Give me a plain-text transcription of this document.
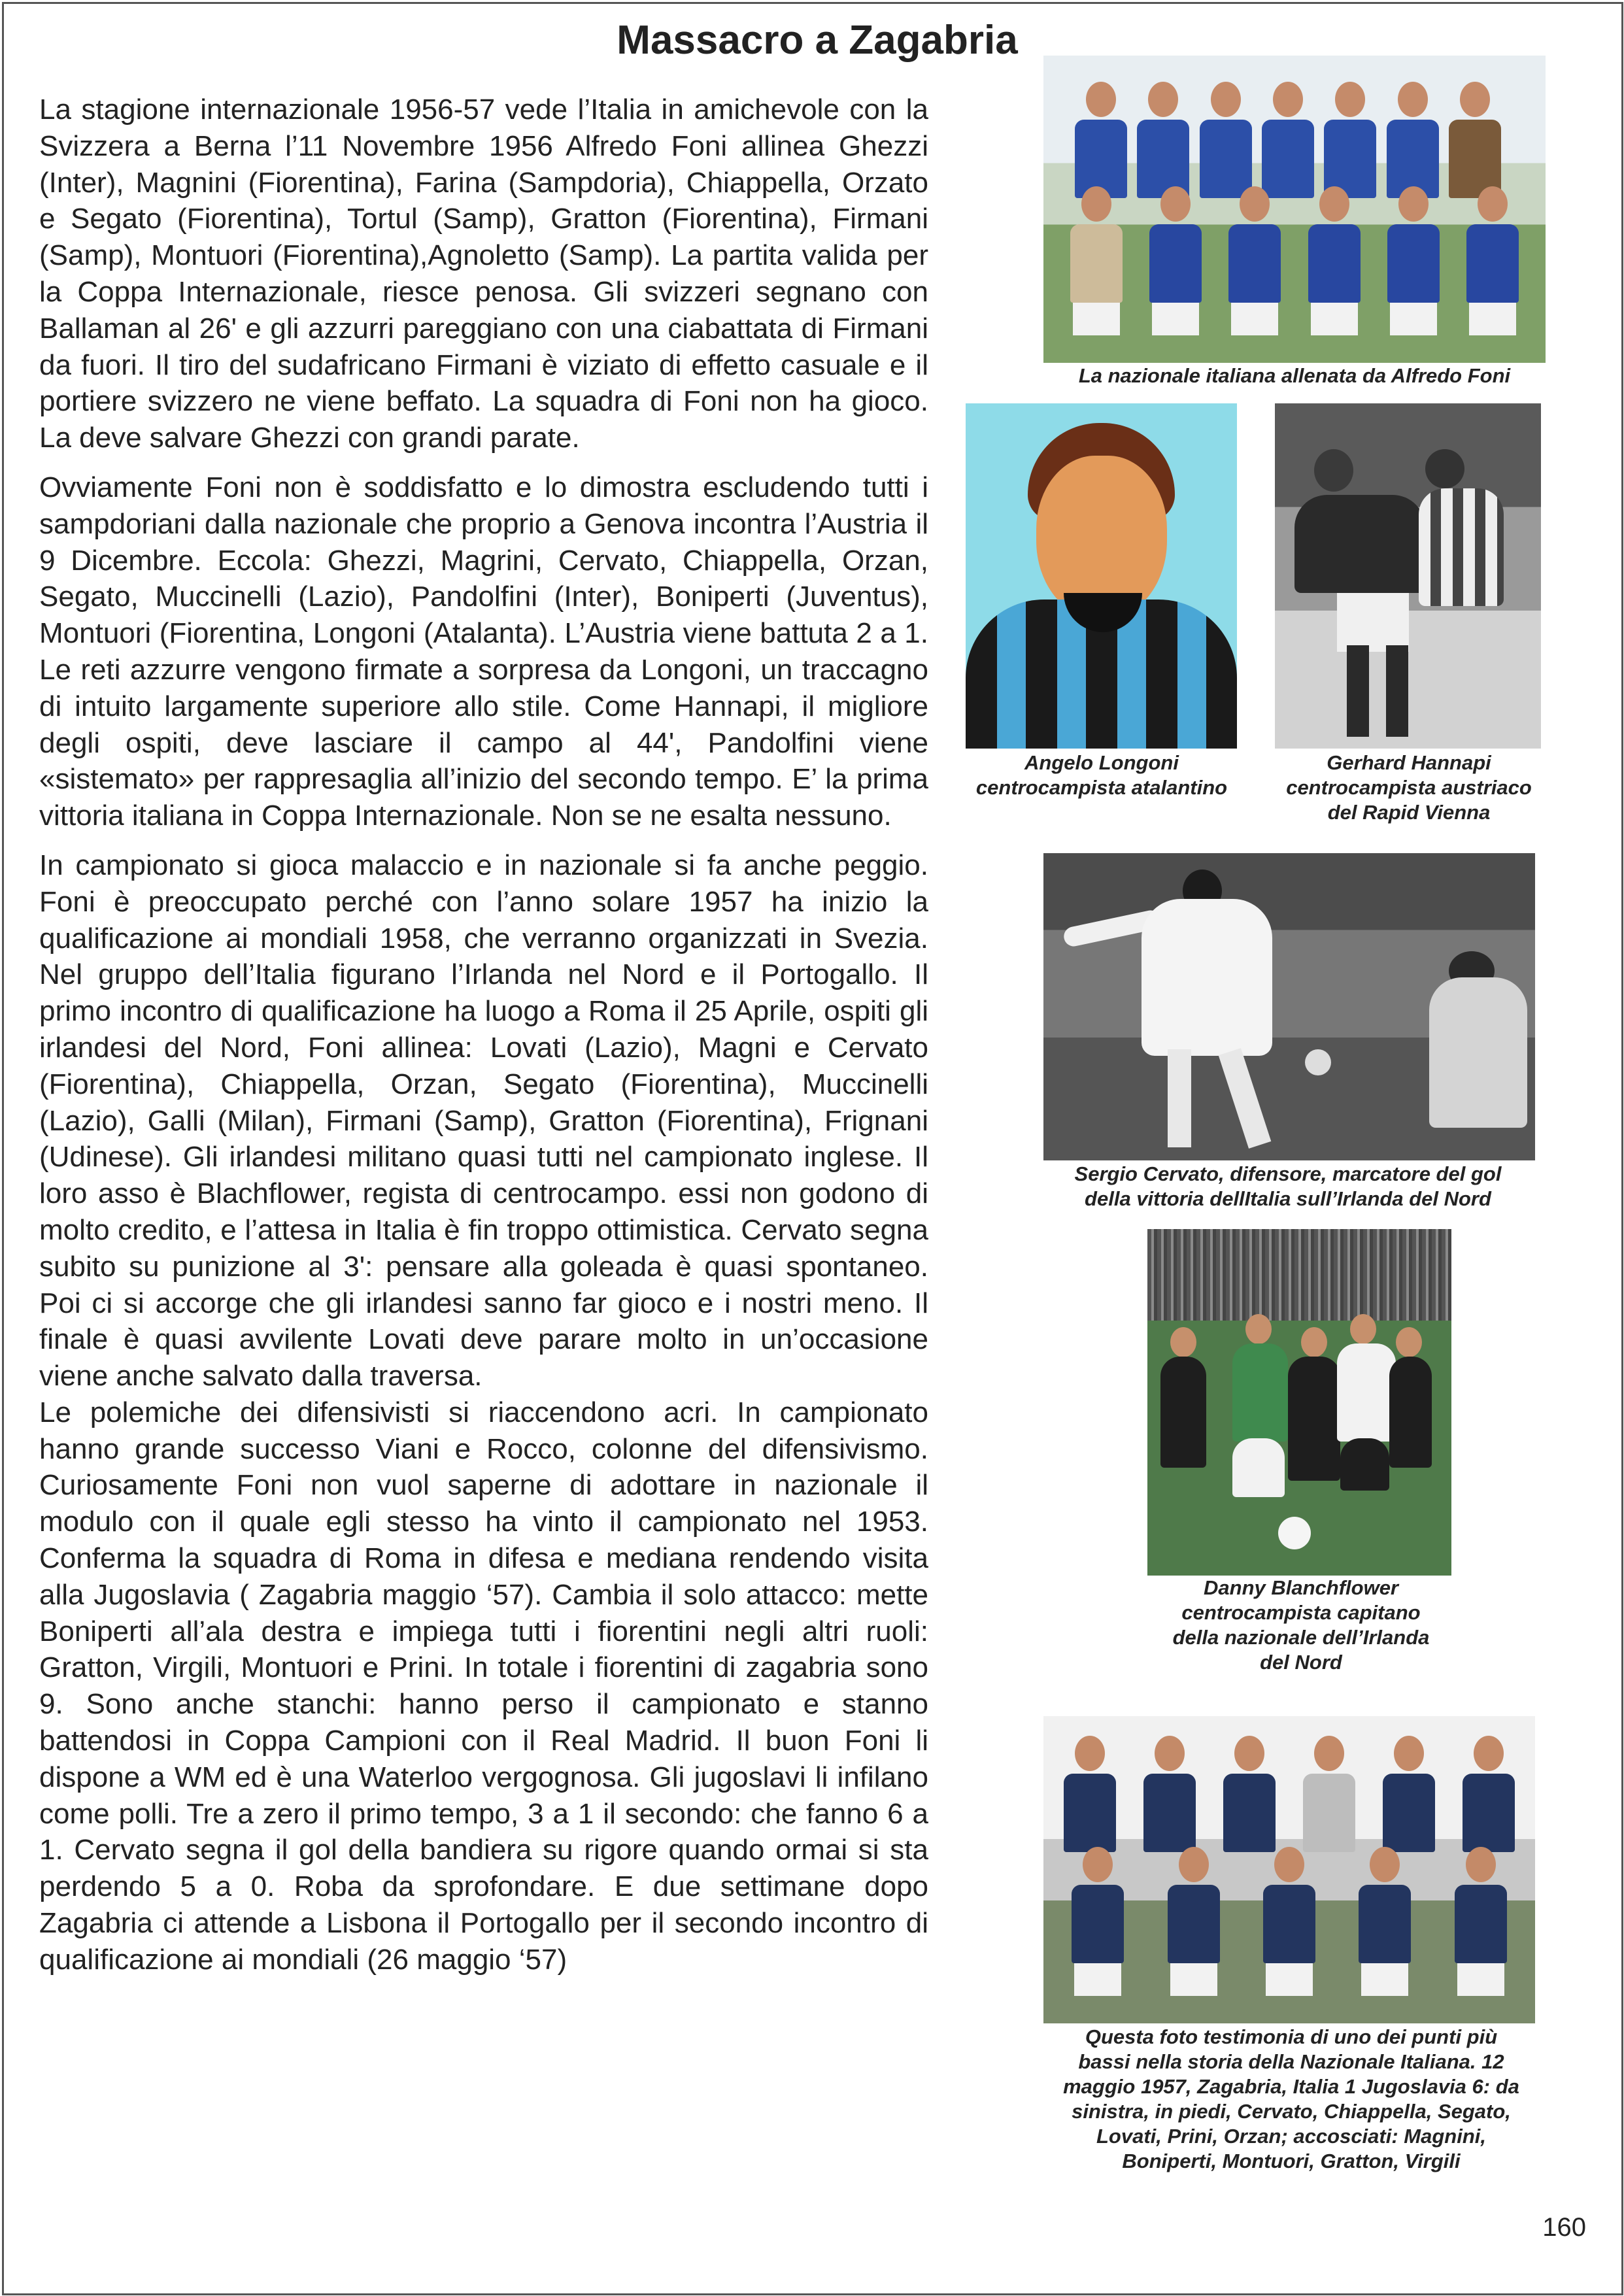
Massacro a Zagabria

La stagione internazionale 1956-57 vede l’Italia in amichevole con la Svizzera a Berna l’11 Novembre 1956 Alfredo Foni allinea Ghezzi (Inter), Magnini (Fiorentina), Farina (Sampdoria), Chiappella, Orzato e Segato (Fiorentina), Tortul (Samp), Gratton (Fiorentina), Firmani (Samp), Montuori (Fiorentina),Agnoletto (Samp). La partita valida per la Coppa Internazionale, riesce penosa. Gli svizzeri segnano con Ballaman al 26' e gli azzurri pareggiano con una ciabattata di Firmani da fuori. Il tiro del sudafricano Firmani è viziato di effetto casuale e il portiere svizzero ne viene beffato. La squadra di Foni non ha gioco. La deve salvare Ghezzi con grandi parate.

Ovviamente Foni non è soddisfatto e lo dimostra escludendo tutti i sampdoriani dalla nazionale che proprio a Genova incontra l’Austria il 9 Dicembre. Eccola: Ghezzi, Magrini, Cervato, Chiappella, Orzan, Segato, Muccinelli (Lazio), Pandolfini (Inter), Boniperti (Juventus), Montuori (Fiorentina, Longoni (Atalanta). L’Austria viene battuta 2 a 1. Le reti azzurre vengono firmate a sorpresa da Longoni, un traccagno di intuito largamente superiore allo stile. Come Hannapi, il migliore degli ospiti, deve lasciare il campo al 44', Pandolfini viene «sistemato» per rappresaglia all’inizio del secondo tempo. E’ la prima vittoria italiana in Coppa Internazionale. Non se ne esalta nessuno.

In campionato si gioca malaccio e in nazionale si fa anche peggio. Foni è preoccupato perché con l’anno solare 1957 ha inizio la qualificazione ai mondiali 1958, che verranno organizzati in Svezia. Nel gruppo dell’Italia figurano l’Irlanda nel Nord e il Portogallo. Il primo incontro di qualificazione ha luogo a Roma il 25 Aprile, ospiti gli irlandesi del Nord, Foni allinea: Lovati (Lazio), Magni e Cervato (Fiorentina), Chiappella, Orzan, Segato (Fiorentina), Muccinelli (Lazio), Galli (Milan), Firmani (Samp), Gratton (Fiorentina), Frignani (Udinese). Gli irlandesi militano quasi tutti nel campionato inglese. Il loro asso è Blachflower, regista di centrocampo. essi non godono di molto credito, e l’attesa in Italia è fin troppo ottimistica. Cervato segna subito su punizione al 3': pensare alla goleada è quasi spontaneo. Poi ci si accorge che gli irlandesi sanno far gioco e i nostri meno. Il finale è quasi avvilente Lovati deve parare molto in un’occasione viene anche salvato dalla traversa.

Le polemiche dei difensivisti si riaccendono acri. In campionato hanno grande successo Viani e Rocco, colonne del difensivismo. Curiosamente Foni non vuol saperne di adottare in nazionale il modulo con il quale egli stesso ha vinto il campionato nel 1953. Conferma la squadra di Roma in difesa e mediana rendendo visita alla Jugoslavia ( Zagabria maggio ‘57). Cambia il solo attacco: mette Boniperti all’ala destra e impiega tutti i fiorentini negli altri ruoli: Gratton, Virgili, Montuori e Prini. In totale i fiorentini di zagabria sono 9. Sono anche stanchi: hanno perso il campionato e stanno battendosi in Coppa Campioni con il Real Madrid. Il buon Foni li dispone a WM ed è una Waterloo vergognosa. Gli jugoslavi li infilano come polli. Tre a zero il primo tempo, 3 a 1 il secondo: che fanno 6 a 1. Cervato segna il gol della bandiera su rigore quando ormai si sta perdendo 5 a 0. Roba da sprofondare. E due settimane dopo Zagabria ci attende a Lisbona il Portogallo per il secondo incontro di qualificazione ai mondiali (26 maggio ‘57)

La nazionale italiana allenata da Alfredo Foni
Angelo Longoni
centrocampista atalantino
Gerhard Hannapi
centrocampista austriaco
del Rapid Vienna
Sergio Cervato, difensore, marcatore del gol
della vittoria dellItalia sull’Irlanda del Nord
Danny Blanchflower
centrocampista capitano
della nazionale dell’Irlanda
del Nord
Questa foto testimonia di uno dei punti più
bassi nella storia della Nazionale Italiana. 12
maggio 1957, Zagabria, Italia 1 Jugoslavia 6: da
sinistra, in piedi, Cervato, Chiappella, Segato,
Lovati, Prini, Orzan; accosciati: Magnini,
Boniperti, Montuori, Gratton, Virgili
160
